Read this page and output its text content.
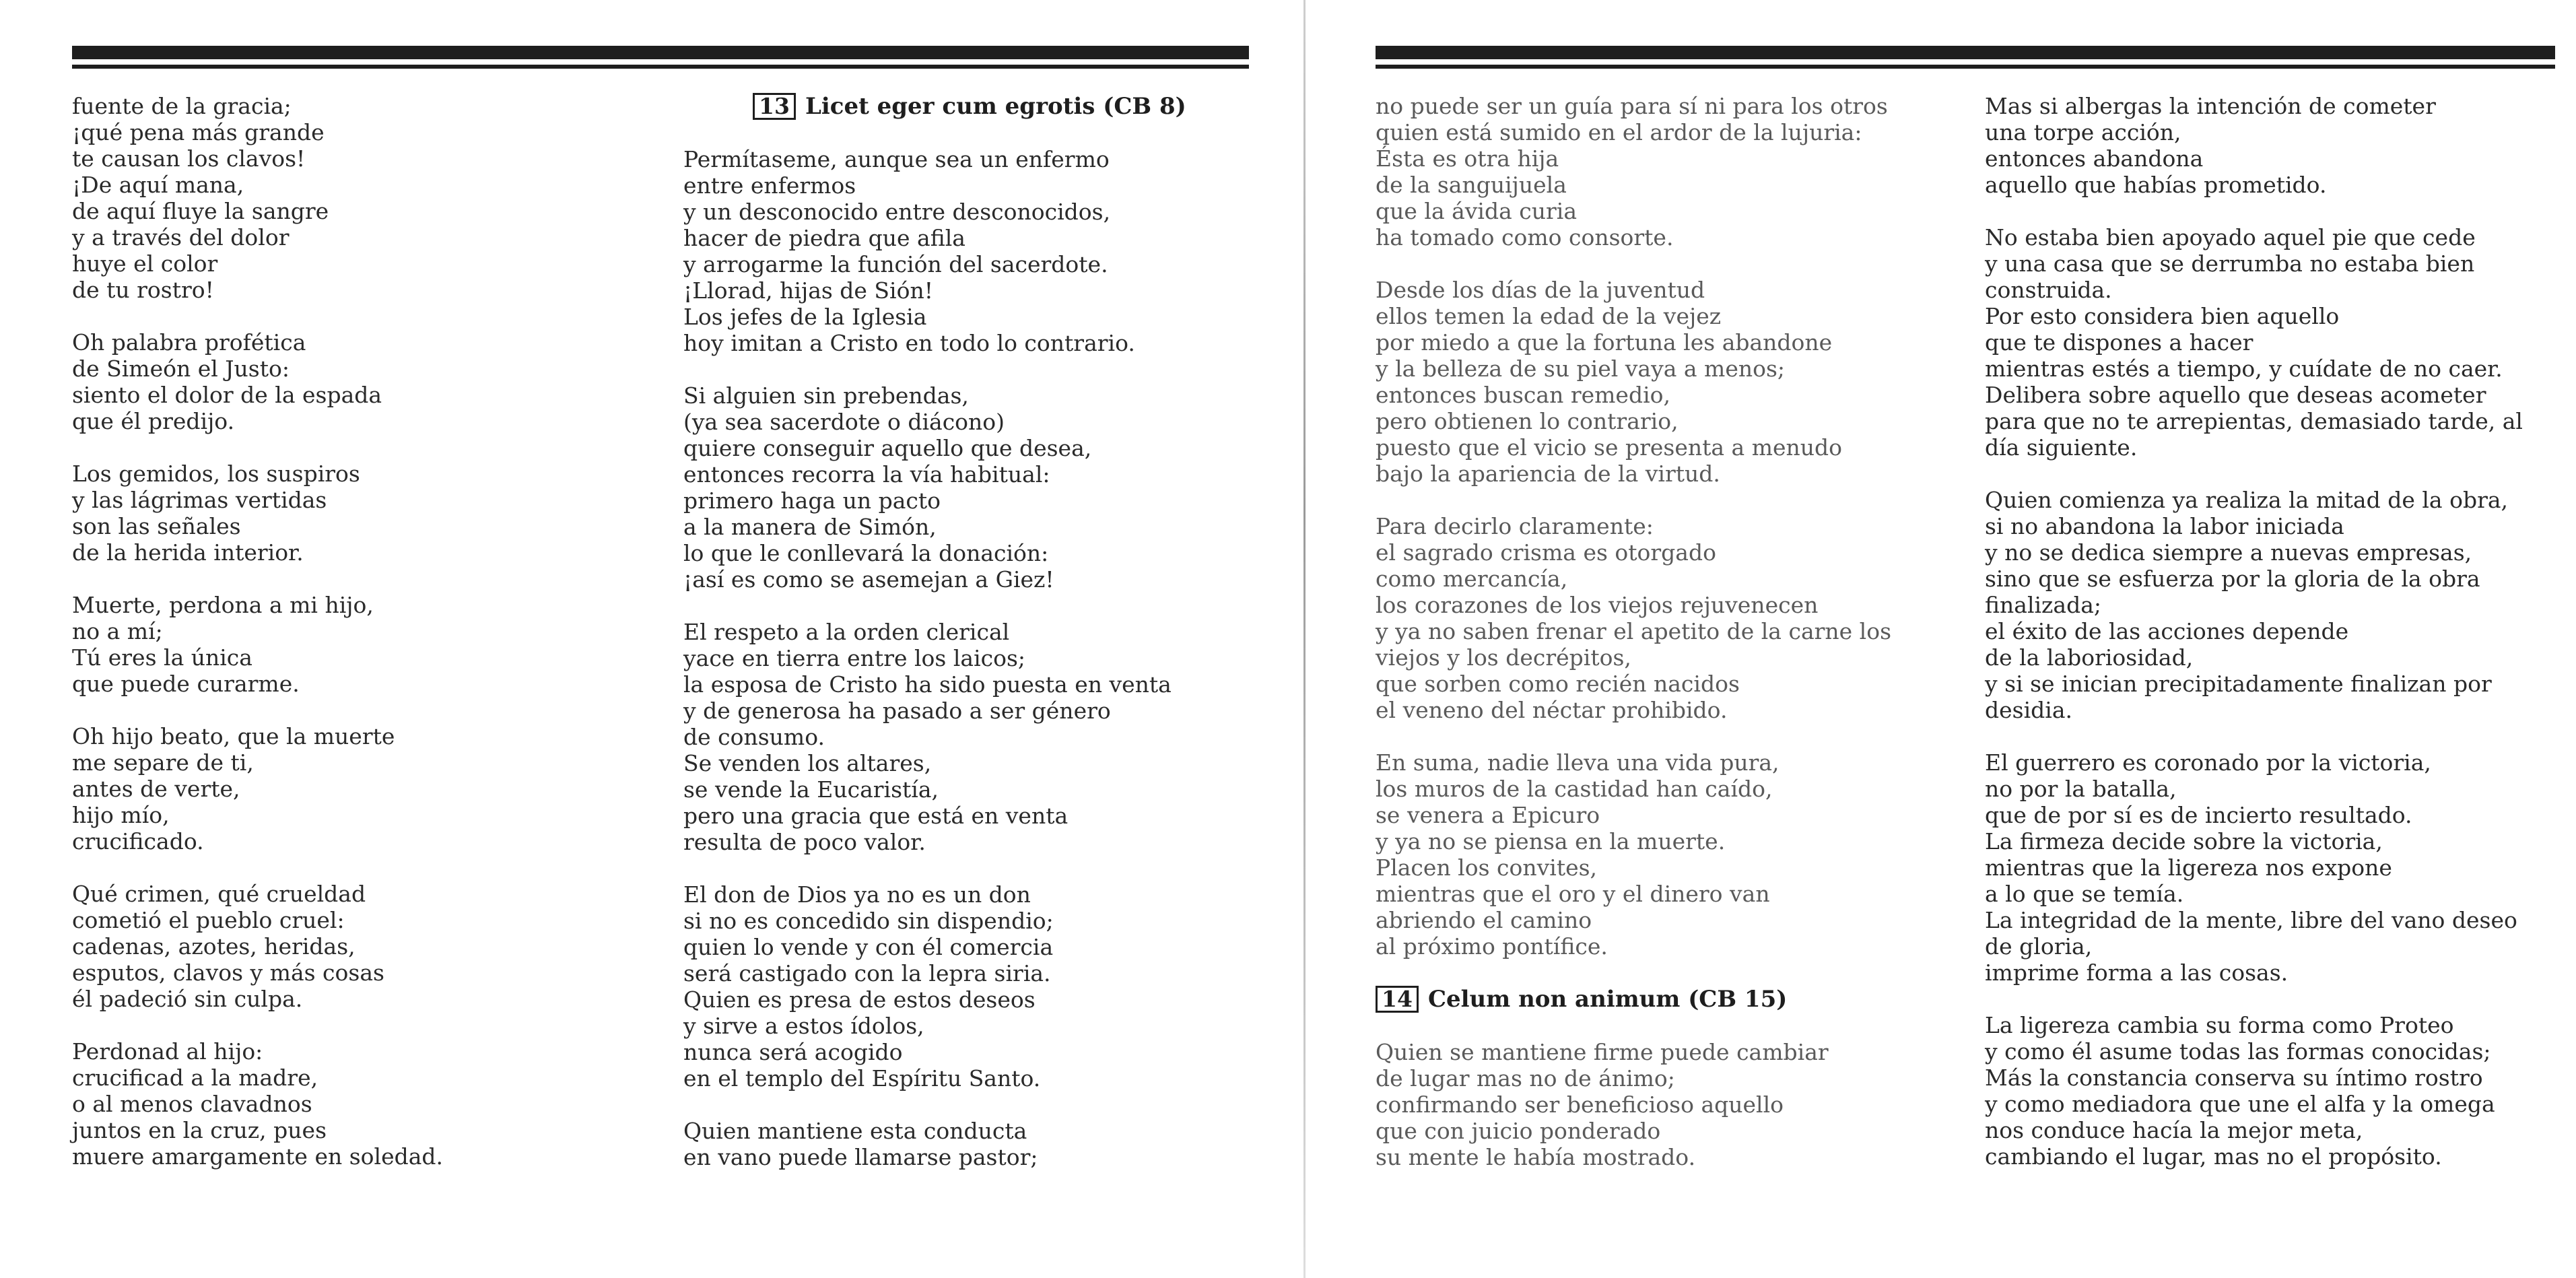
fuente de la gracia;
¡qué pena más grande
te causan los clavos!
¡De aquí mana,
de aquí fluye la sangre
y a través del dolor
huye el color
de tu rostro!

Oh palabra profética
de Simeón el Justo:
siento el dolor de la espada
que él predijo.

Los gemidos, los suspiros
y las lágrimas vertidas
son las señales
de la herida interior.

Muerte, perdona a mi hijo,
no a mí;
Tú eres la única
que puede curarme.

Oh hijo beato, que la muerte
me separe de ti,
antes de verte,
hijo mío,
crucificado.

Qué crimen, qué crueldad
cometió el pueblo cruel:
cadenas, azotes, heridas,
esputos, clavos y más cosas
él padeció sin culpa.

Perdonad al hijo:
crucificad a la madre,
o al menos clavadnos
juntos en la cruz, pues
muere amargamente en soledad.

13 Licet eger cum egrotis (CB 8)

Permítaseme, aunque sea un enfermo
entre enfermos
y un desconocido entre desconocidos,
hacer de piedra que afila
y arrogarme la función del sacerdote.
¡Llorad, hijas de Sión!
Los jefes de la Iglesia
hoy imitan a Cristo en todo lo contrario.

Si alguien sin prebendas,
(ya sea sacerdote o diácono)
quiere conseguir aquello que desea,
entonces recorra la vía habitual:
primero haga un pacto
a la manera de Simón,
lo que le conllevará la donación:
¡así es como se asemejan a Giez!

El respeto a la orden clerical
yace en tierra entre los laicos;
la esposa de Cristo ha sido puesta en venta
y de generosa ha pasado a ser género
de consumo.
Se venden los altares,
se vende la Eucaristía,
pero una gracia que está en venta
resulta de poco valor.

El don de Dios ya no es un don
si no es concedido sin dispendio;
quien lo vende y con él comercia
será castigado con la lepra siria.
Quien es presa de estos deseos
y sirve a estos ídolos,
nunca será acogido
en el templo del Espíritu Santo.

Quien mantiene esta conducta
en vano puede llamarse pastor;

no puede ser un guía para sí ni para los otros
quien está sumido en el ardor de la lujuria:
Ésta es otra hija
de la sanguijuela
que la ávida curia
ha tomado como consorte.

Desde los días de la juventud
ellos temen la edad de la vejez
por miedo a que la fortuna les abandone
y la belleza de su piel vaya a menos;
entonces buscan remedio,
pero obtienen lo contrario,
puesto que el vicio se presenta a menudo
bajo la apariencia de la virtud.

Para decirlo claramente:
el sagrado crisma es otorgado
como mercancía,
los corazones de los viejos rejuvenecen
y ya no saben frenar el apetito de la carne los
viejos y los decrépitos,
que sorben como recién nacidos
el veneno del néctar prohibido.

En suma, nadie lleva una vida pura,
los muros de la castidad han caído,
se venera a Epicuro
y ya no se piensa en la muerte.
Placen los convites,
mientras que el oro y el dinero van
abriendo el camino
al próximo pontífice.

14 Celum non animum (CB 15)

Quien se mantiene firme puede cambiar
de lugar mas no de ánimo;
confirmando ser beneficioso aquello
que con juicio ponderado
su mente le había mostrado.

Mas si albergas la intención de cometer
una torpe acción,
entonces abandona
aquello que habías prometido.

No estaba bien apoyado aquel pie que cede
y una casa que se derrumba no estaba bien
construida.
Por esto considera bien aquello
que te dispones a hacer
mientras estés a tiempo, y cuídate de no caer.
Delibera sobre aquello que deseas acometer
para que no te arrepientas, demasiado tarde, al
día siguiente.

Quien comienza ya realiza la mitad de la obra,
si no abandona la labor iniciada
y no se dedica siempre a nuevas empresas,
sino que se esfuerza por la gloria de la obra
finalizada;
el éxito de las acciones depende
de la laboriosidad,
y si se inician precipitadamente finalizan por
desidia.

El guerrero es coronado por la victoria,
no por la batalla,
que de por sí es de incierto resultado.
La firmeza decide sobre la victoria,
mientras que la ligereza nos expone
a lo que se temía.
La integridad de la mente, libre del vano deseo
de gloria,
imprime forma a las cosas.

La ligereza cambia su forma como Proteo
y como él asume todas las formas conocidas;
Más la constancia conserva su íntimo rostro
y como mediadora que une el alfa y la omega
nos conduce hacía la mejor meta,
cambiando el lugar, mas no el propósito.
